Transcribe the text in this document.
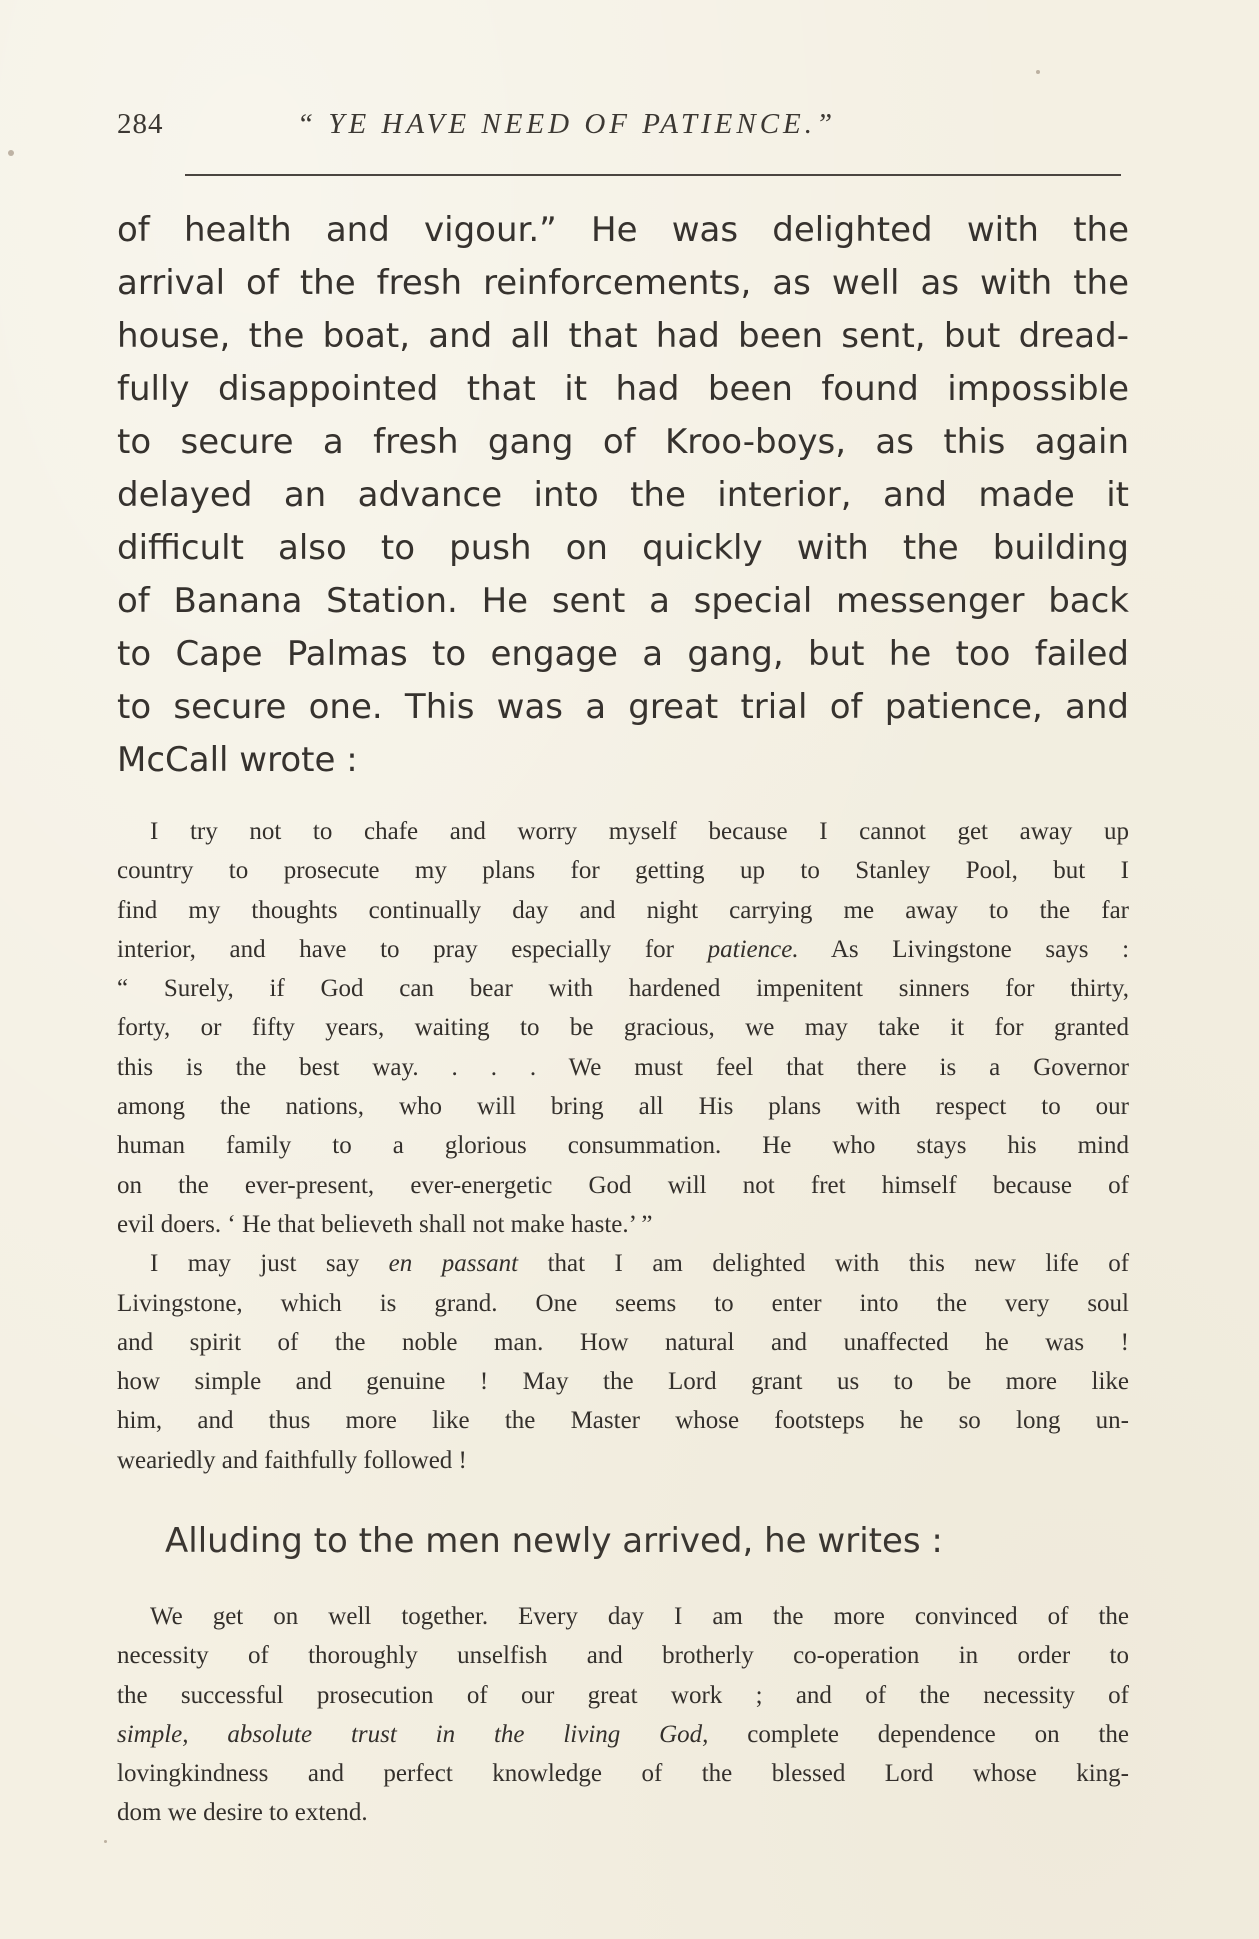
284	“ YE HAVE NEED OF PATIENCE.”
of health and vigour.” He was delighted with the
arrival of the fresh reinforcements, as well as with the
house, the boat, and all that had been sent, but dread-
fully disappointed that it had been found impossible
to secure a fresh gang of Kroo-boys, as this again
delayed an advance into the interior, and made it
difficult also to push on quickly with the building
of Banana Station. He sent a special messenger back
to Cape Palmas to engage a gang, but he too failed
to secure one. This was a great trial of patience, and
McCall wrote :
I try not to chafe and worry myself because I cannot get away up
country to prosecute my plans for getting up to Stanley Pool, but I
find my thoughts continually day and night carrying me away to the far
interior, and have to pray especially for patience. As Livingstone says :
“ Surely, if God can bear with hardened impenitent sinners for thirty,
forty, or fifty years, waiting to be gracious, we may take it for granted
this is the best way. . . . We must feel that there is a Governor
among the nations, who will bring all His plans with respect to our
human family to a glorious consummation. He who stays his mind
on the ever-present, ever-energetic God will not fret himself because of
evil doers. ‘ He that believeth shall not make haste.’ ”
I may just say en passant that I am delighted with this new life of
Livingstone, which is grand. One seems to enter into the very soul
and spirit of the noble man. How natural and unaffected he was !
how simple and genuine ! May the Lord grant us to be more like
him, and thus more like the Master whose footsteps he so long un-
weariedly and faithfully followed !
Alluding to the men newly arrived, he writes :
We get on well together. Every day I am the more convinced of the
necessity of thoroughly unselfish and brotherly co-operation in order to
the successful prosecution of our great work ; and of the necessity of
simple, absolute trust in the living God, complete dependence on the
lovingkindness and perfect knowledge of the blessed Lord whose king-
dom we desire to extend.
